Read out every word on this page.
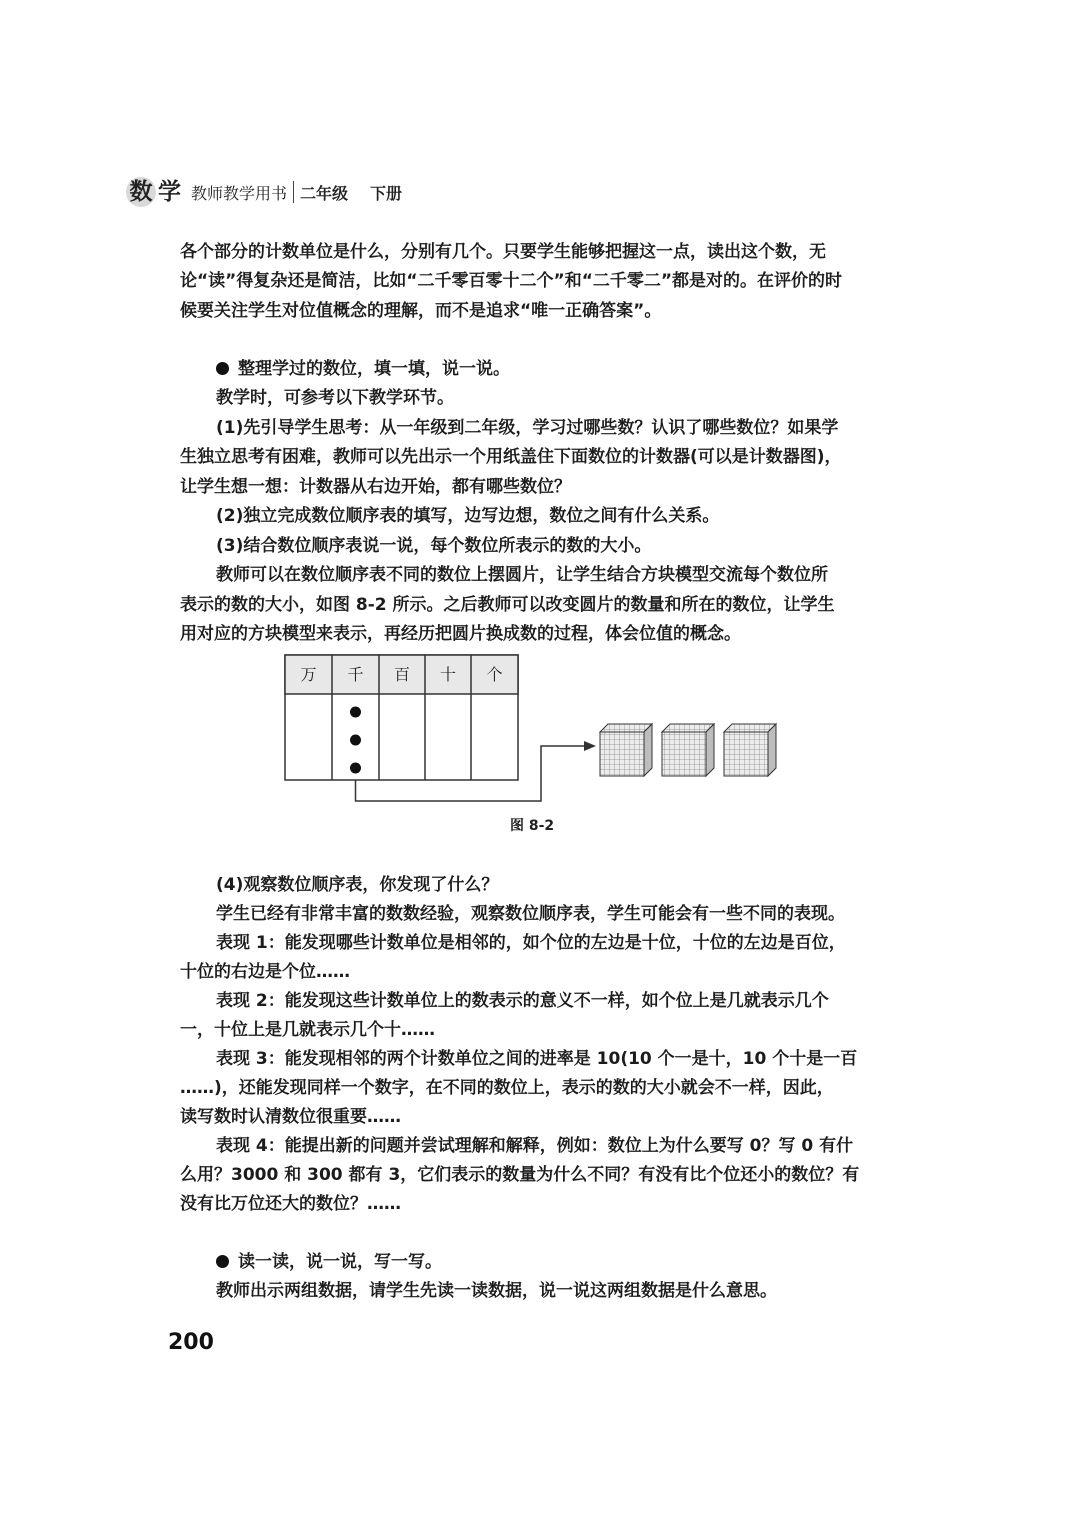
数 学 教师教学用书 二年级 下册
各个部分的计数单位是什么，分别有几个。只要学生能够把握这一点，读出这个数，无
论“读”得复杂还是简洁，比如“二千零百零十二个”和“二千零二”都是对的。在评价的时
候要关注学生对位值概念的理解，而不是追求“唯一正确答案”。
整理学过的数位，填一填，说一说。
教学时，可参考以下教学环节。
(1)先引导学生思考：从一年级到二年级，学习过哪些数？认识了哪些数位？如果学
生独立思考有困难，教师可以先出示一个用纸盖住下面数位的计数器(可以是计数器图)，
让学生想一想：计数器从右边开始，都有哪些数位？
(2)独立完成数位顺序表的填写，边写边想，数位之间有什么关系。
(3)结合数位顺序表说一说，每个数位所表示的数的大小。
教师可以在数位顺序表不同的数位上摆圆片，让学生结合方块模型交流每个数位所
表示的数的大小，如图 8-2 所示。之后教师可以改变圆片的数量和所在的数位，让学生
用对应的方块模型来表示，再经历把圆片换成数的过程，体会位值的概念。
万 千 百 十 个
图 8-2
(4)观察数位顺序表，你发现了什么？
学生已经有非常丰富的数数经验，观察数位顺序表，学生可能会有一些不同的表现。
表现 1：能发现哪些计数单位是相邻的，如个位的左边是十位，十位的左边是百位，
十位的右边是个位……
表现 2：能发现这些计数单位上的数表示的意义不一样，如个位上是几就表示几个
一，十位上是几就表示几个十……
表现 3：能发现相邻的两个计数单位之间的进率是 10(10 个一是十，10 个十是一百
……)，还能发现同样一个数字，在不同的数位上，表示的数的大小就会不一样，因此，
读写数时认清数位很重要……
表现 4：能提出新的问题并尝试理解和解释，例如：数位上为什么要写 0？写 0 有什
么用？3000 和 300 都有 3，它们表示的数量为什么不同？有没有比个位还小的数位？有
没有比万位还大的数位？……
读一读，说一说，写一写。
教师出示两组数据，请学生先读一读数据，说一说这两组数据是什么意思。
200
